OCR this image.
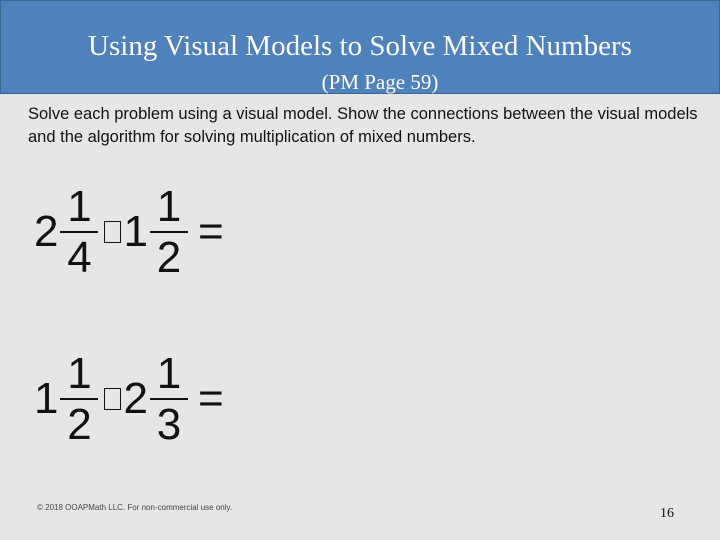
Using Visual Models to Solve Mixed Numbers
(PM Page 59)
Solve each problem using a visual model. Show the connections between the visual models and the algorithm for solving multiplication of mixed numbers.
$2 \frac{1}{4} 1 \frac{1}{2}$ =
$1 \frac{1}{2} 2 \frac{1}{3}$ =
© 2018 OOAPMath LLC. For non-commercial use only.	16
